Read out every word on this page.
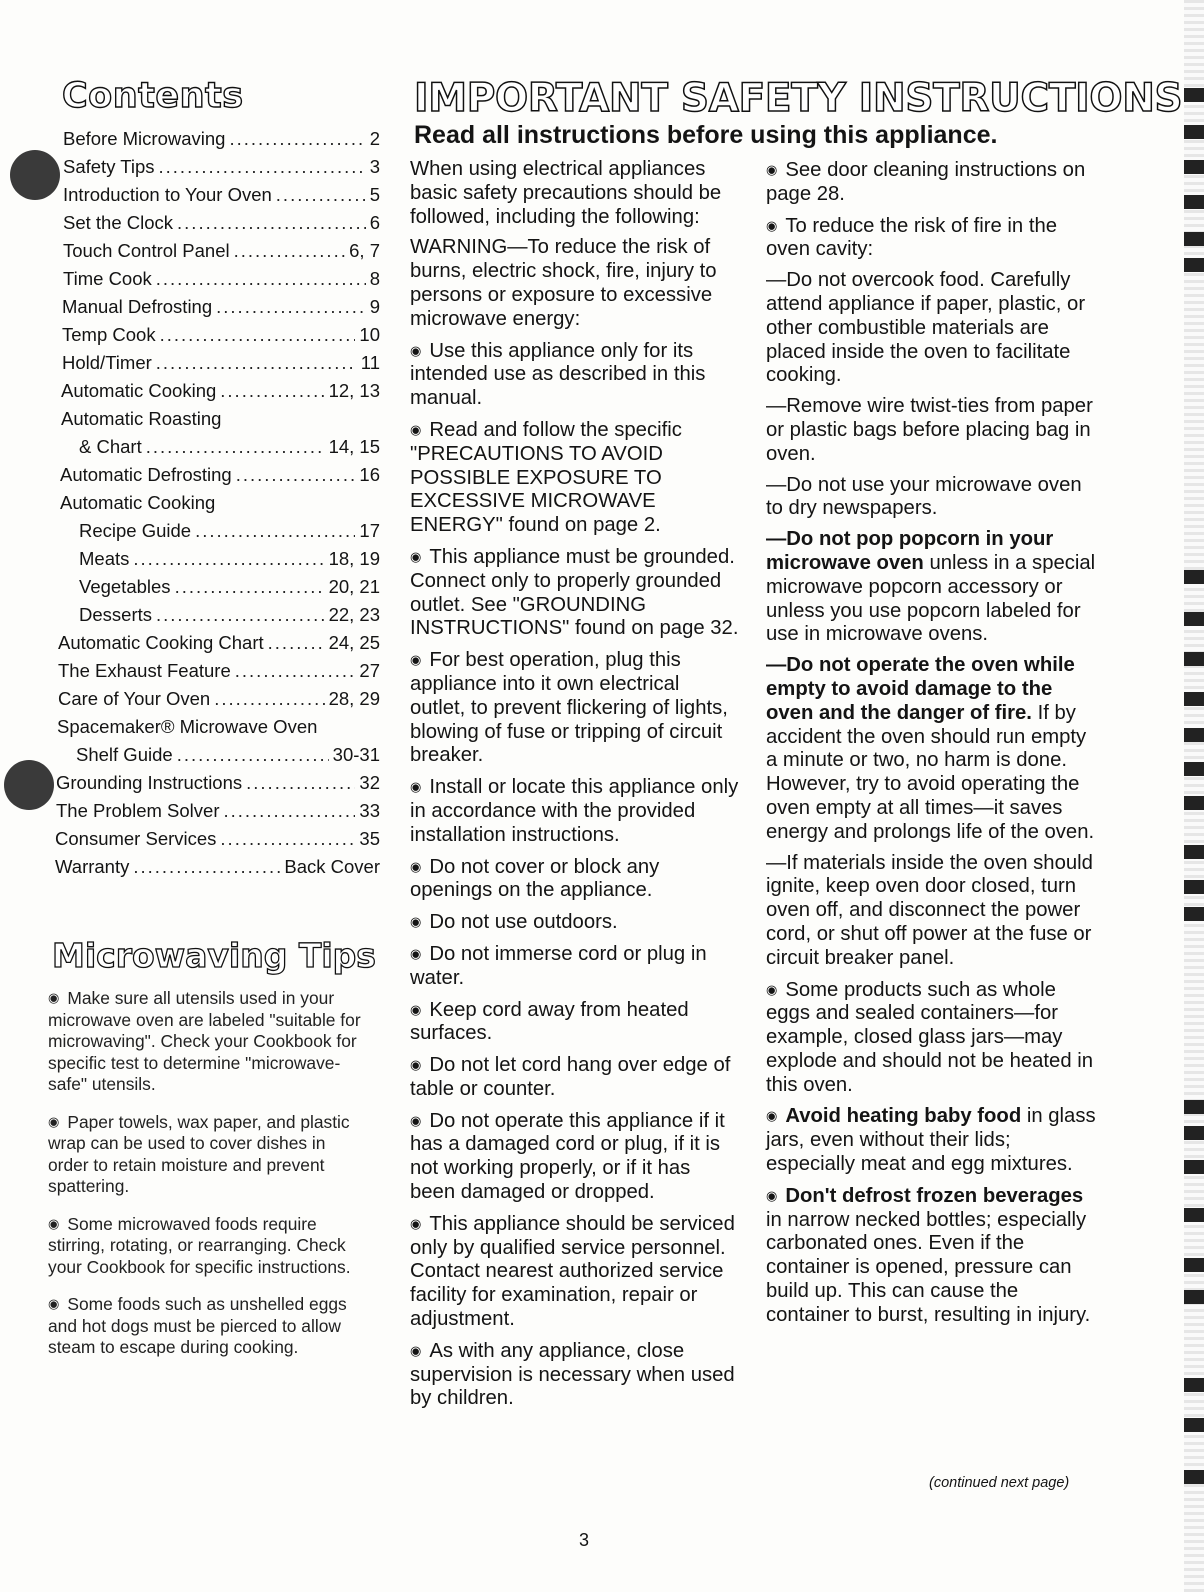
Contents
Before Microwaving .....	2
Safety Tips .....	3
Introduction to Your Oven .....	5
Set the Clock .....	6
Touch Control Panel .....	6, 7
Time Cook .....	8
Manual Defrosting .....	9
Temp Cook .....	10
Hold/Timer .....	11
Automatic Cooking .....	12, 13
Automatic Roasting
& Chart .....	14, 15
Automatic Defrosting .....	16
Automatic Cooking
Recipe Guide .....	17
Meats .....	18, 19
Vegetables .....	20, 21
Desserts .....	22, 23
Automatic Cooking Chart .....	24, 25
The Exhaust Feature .....	27
Care of Your Oven .....	28, 29
Spacemaker® Microwave Oven
Shelf Guide .....	30-31
Grounding Instructions .....	32
The Problem Solver .....	33
Consumer Services .....	35
Warranty .....	Back Cover
Microwaving Tips
◉ Make sure all utensils used in your microwave oven are labeled "suitable for microwaving". Check your Cookbook for specific test to determine "microwave-safe" utensils.
◉ Paper towels, wax paper, and plastic wrap can be used to cover dishes in order to retain moisture and prevent spattering.
◉ Some microwaved foods require stirring, rotating, or rearranging. Check your Cookbook for specific instructions.
◉ Some foods such as unshelled eggs and hot dogs must be pierced to allow steam to escape during cooking.
IMPORTANT SAFETY INSTRUCTIONS
Read all instructions before using this appliance.

When using electrical appliances basic safety precautions should be followed, including the following:

WARNING—To reduce the risk of burns, electric shock, fire, injury to persons or exposure to excessive microwave energy:

◉ Use this appliance only for its intended use as described in this manual.

◉ Read and follow the specific "PRECAUTIONS TO AVOID POSSIBLE EXPOSURE TO EXCESSIVE MICROWAVE ENERGY" found on page 2.

◉ This appliance must be grounded. Connect only to properly grounded outlet. See "GROUNDING INSTRUCTIONS" found on page 32.

◉ For best operation, plug this appliance into it own electrical outlet, to prevent flickering of lights, blowing of fuse or tripping of circuit breaker.

◉ Install or locate this appliance only in accordance with the provided installation instructions.

◉ Do not cover or block any openings on the appliance.

◉ Do not use outdoors.

◉ Do not immerse cord or plug in water.

◉ Keep cord away from heated surfaces.

◉ Do not let cord hang over edge of table or counter.

◉ Do not operate this appliance if it has a damaged cord or plug, if it is not working properly, or if it has been damaged or dropped.

◉ This appliance should be serviced only by qualified service personnel. Contact nearest authorized service facility for examination, repair or adjustment.

◉ As with any appliance, close supervision is necessary when used by children.

◉ See door cleaning instructions on page 28.

◉ To reduce the risk of fire in the oven cavity:

—Do not overcook food. Carefully attend appliance if paper, plastic, or other combustible materials are placed inside the oven to facilitate cooking.

—Remove wire twist-ties from paper or plastic bags before placing bag in oven.

—Do not use your microwave oven to dry newspapers.

—Do not pop popcorn in your microwave oven unless in a special microwave popcorn accessory or unless you use popcorn labeled for use in microwave ovens.

—Do not operate the oven while empty to avoid damage to the oven and the danger of fire. If by accident the oven should run empty a minute or two, no harm is done. However, try to avoid operating the oven empty at all times—it saves energy and prolongs life of the oven.

—If materials inside the oven should ignite, keep oven door closed, turn oven off, and disconnect the power cord, or shut off power at the fuse or circuit breaker panel.

◉ Some products such as whole eggs and sealed containers—for example, closed glass jars—may explode and should not be heated in this oven.

◉ Avoid heating baby food in glass jars, even without their lids; especially meat and egg mixtures.

◉ Don't defrost frozen beverages in narrow necked bottles; especially carbonated ones. Even if the container is opened, pressure can build up. This can cause the container to burst, resulting in injury.

(continued next page)
3
